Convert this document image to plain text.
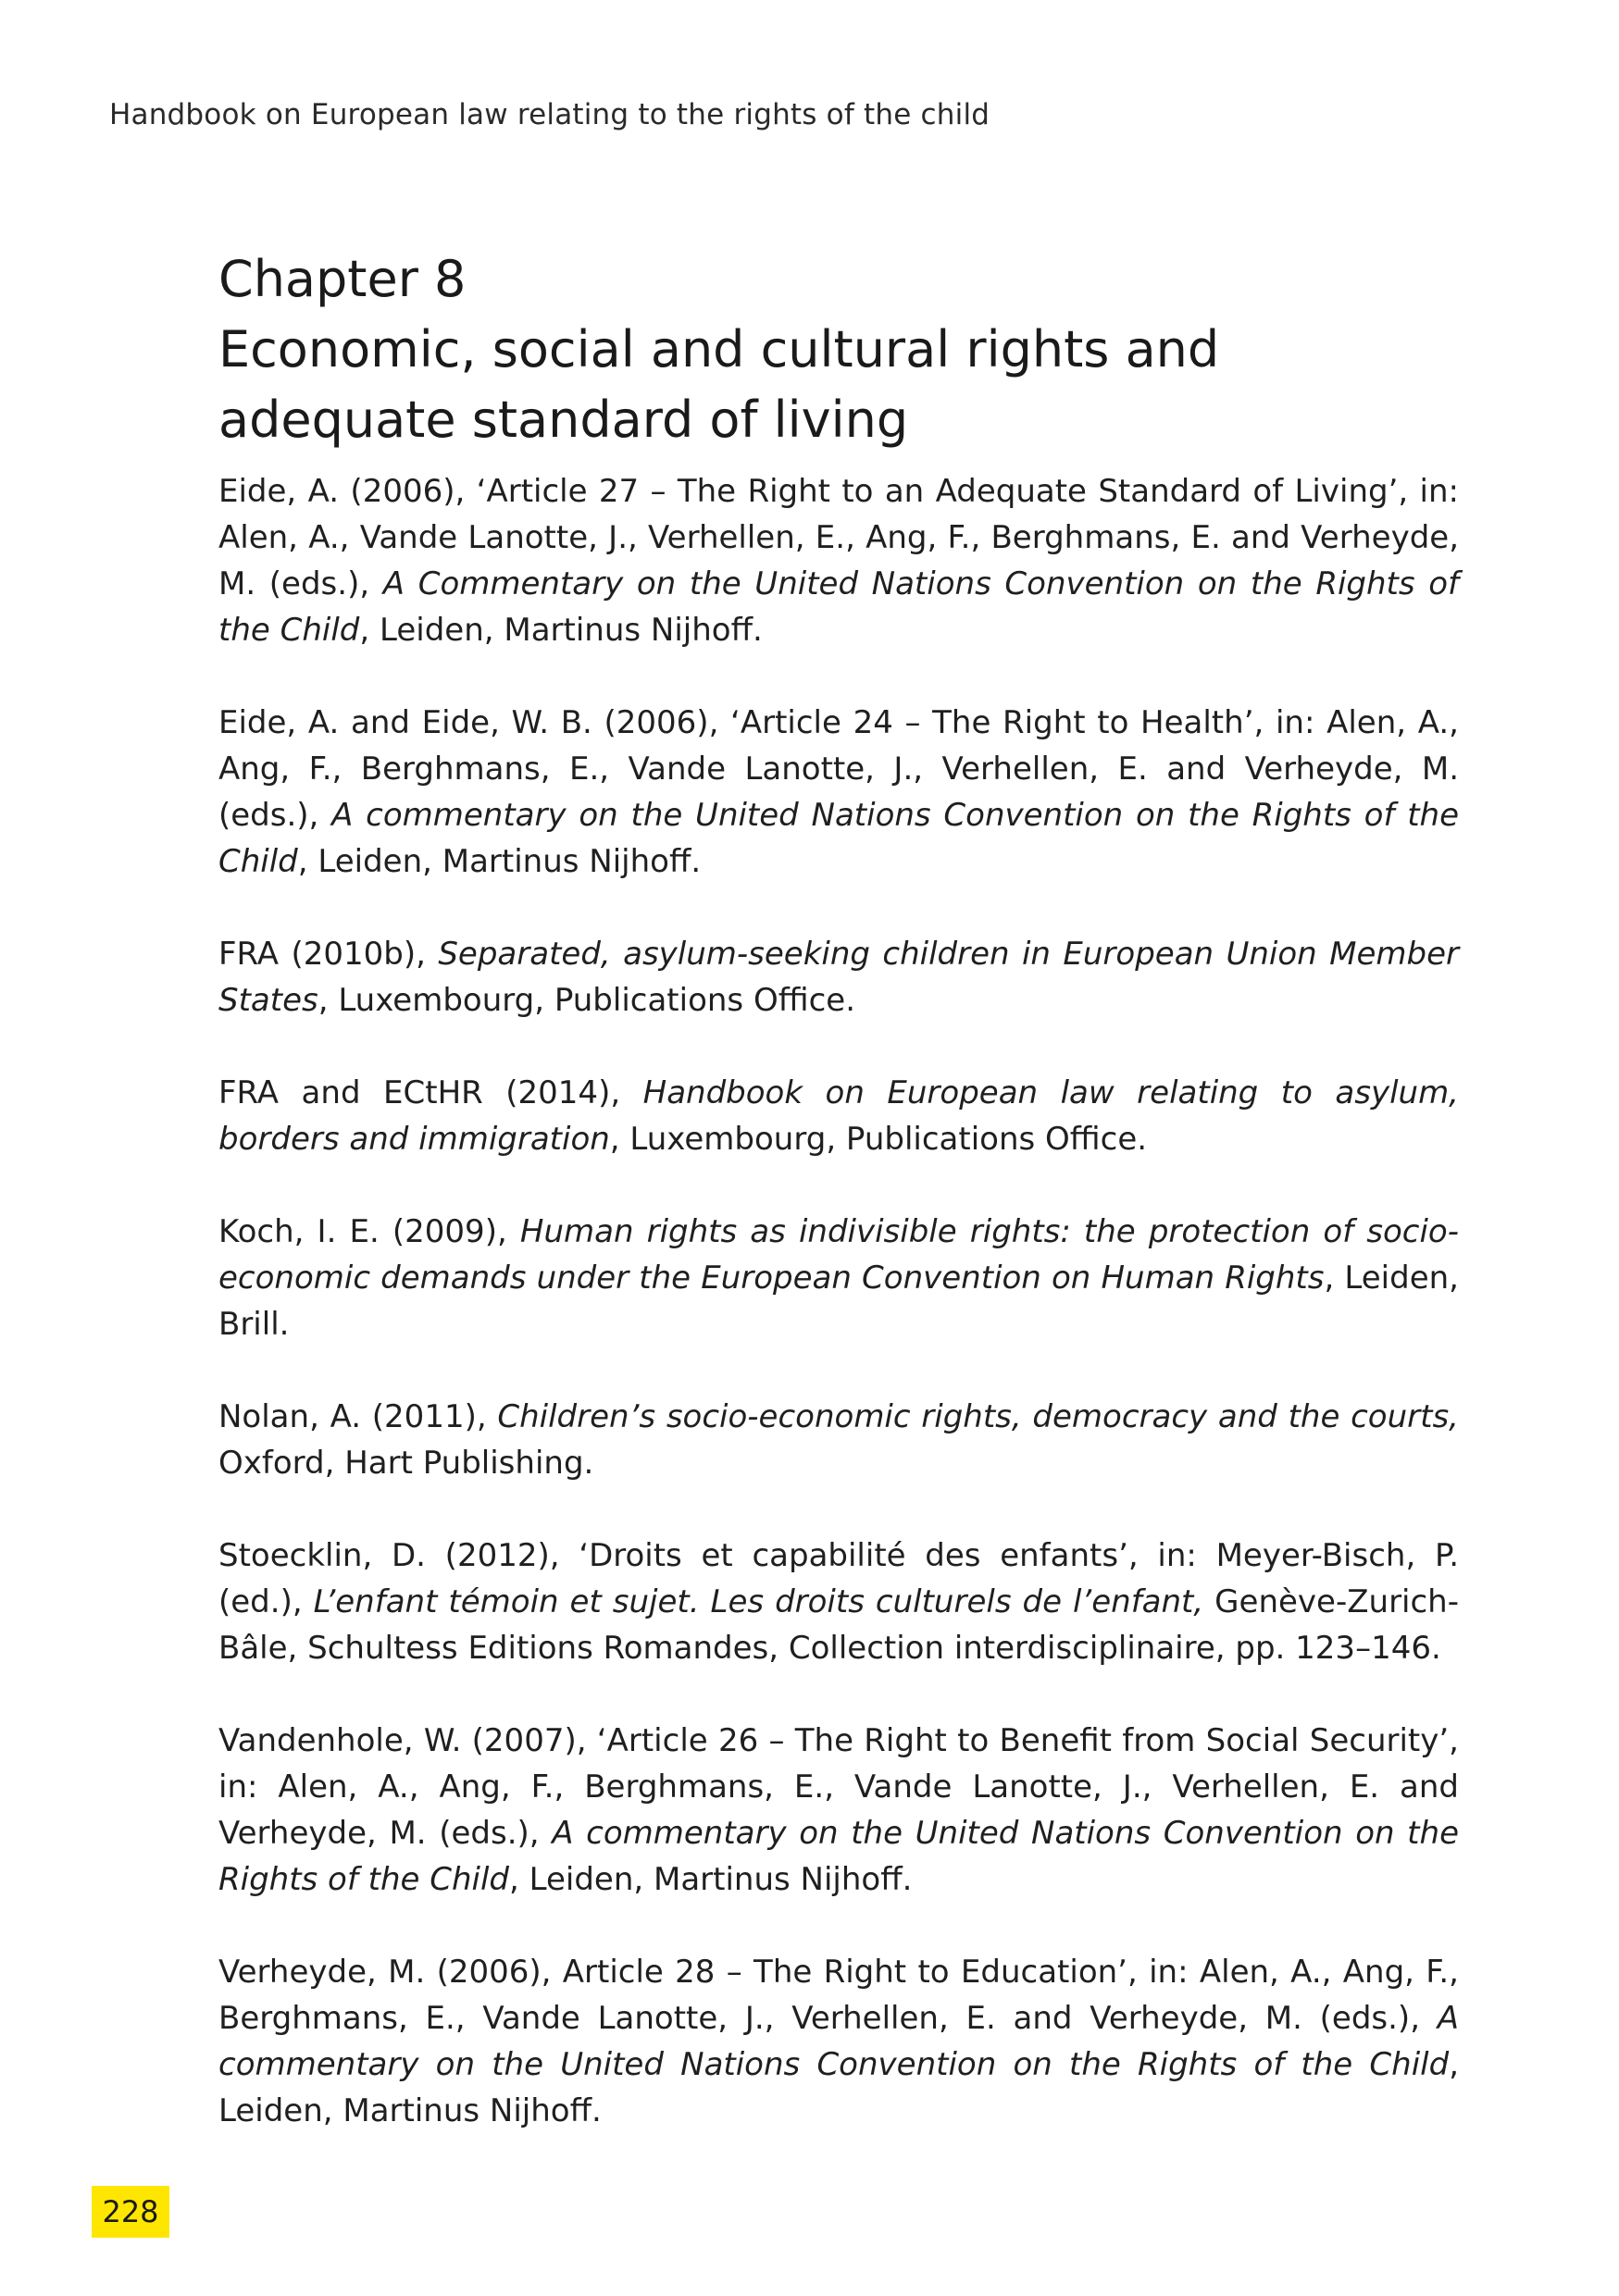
Handbook on European law relating to the rights of the child
Chapter 8
Economic, social and cultural rights and adequate standard of living

Eide, A. (2006), ‘Article 27 – The Right to an Adequate Standard of Living’, in: Alen, A., Vande Lanotte, J., Verhellen, E., Ang, F., Berghmans, E. and Verheyde, M. (eds.), A Commentary on the United Nations Convention on the Rights of the Child, Leiden, Martinus Nijhoff.

Eide, A. and Eide, W. B. (2006), ‘Article 24 – The Right to Health’, in: Alen, A., Ang, F., Berghmans, E., Vande Lanotte, J., Verhellen, E. and Verheyde, M.(eds.), A commentary on the United Nations Convention on the Rights of the Child, Leiden, Martinus Nijhoff.

FRA (2010b), Separated, asylum-seeking children in European Union Member States, Luxembourg, Publications Office.

FRA and ECtHR (2014), Handbook on European law relating to asylum, borders and immigration, Luxembourg, Publications Office.

Koch, I. E. (2009), Human rights as indivisible rights: the protection of socio-economic demands under the European Convention on Human Rights, Leiden, Brill.

Nolan, A. (2011), Children’s socio-economic rights, democracy and the courts, Oxford, Hart Publishing.

Stoecklin, D. (2012), ‘Droits et capabilité des enfants’, in: Meyer-Bisch, P. (ed.), L’enfant témoin et sujet. Les droits culturels de l’enfant, Genève-Zurich-Bâle, Schultess Editions Romandes, Collection interdisciplinaire, pp. 123–146.

Vandenhole, W. (2007), ‘Article 26 – The Right to Benefit from Social Security’, in: Alen, A., Ang, F., Berghmans, E., Vande Lanotte, J., Verhellen, E. and Verheyde, M. (eds.), A commentary on the United Nations Convention on the Rights of the Child, Leiden, Martinus Nijhoff.

Verheyde, M. (2006), Article 28 – The Right to Education’, in: Alen, A., Ang, F., Berghmans, E., Vande Lanotte, J., Verhellen, E. and Verheyde, M. (eds.), A commentary on the United Nations Convention on the Rights of the Child, Leiden, Martinus Nijhoff.

228
